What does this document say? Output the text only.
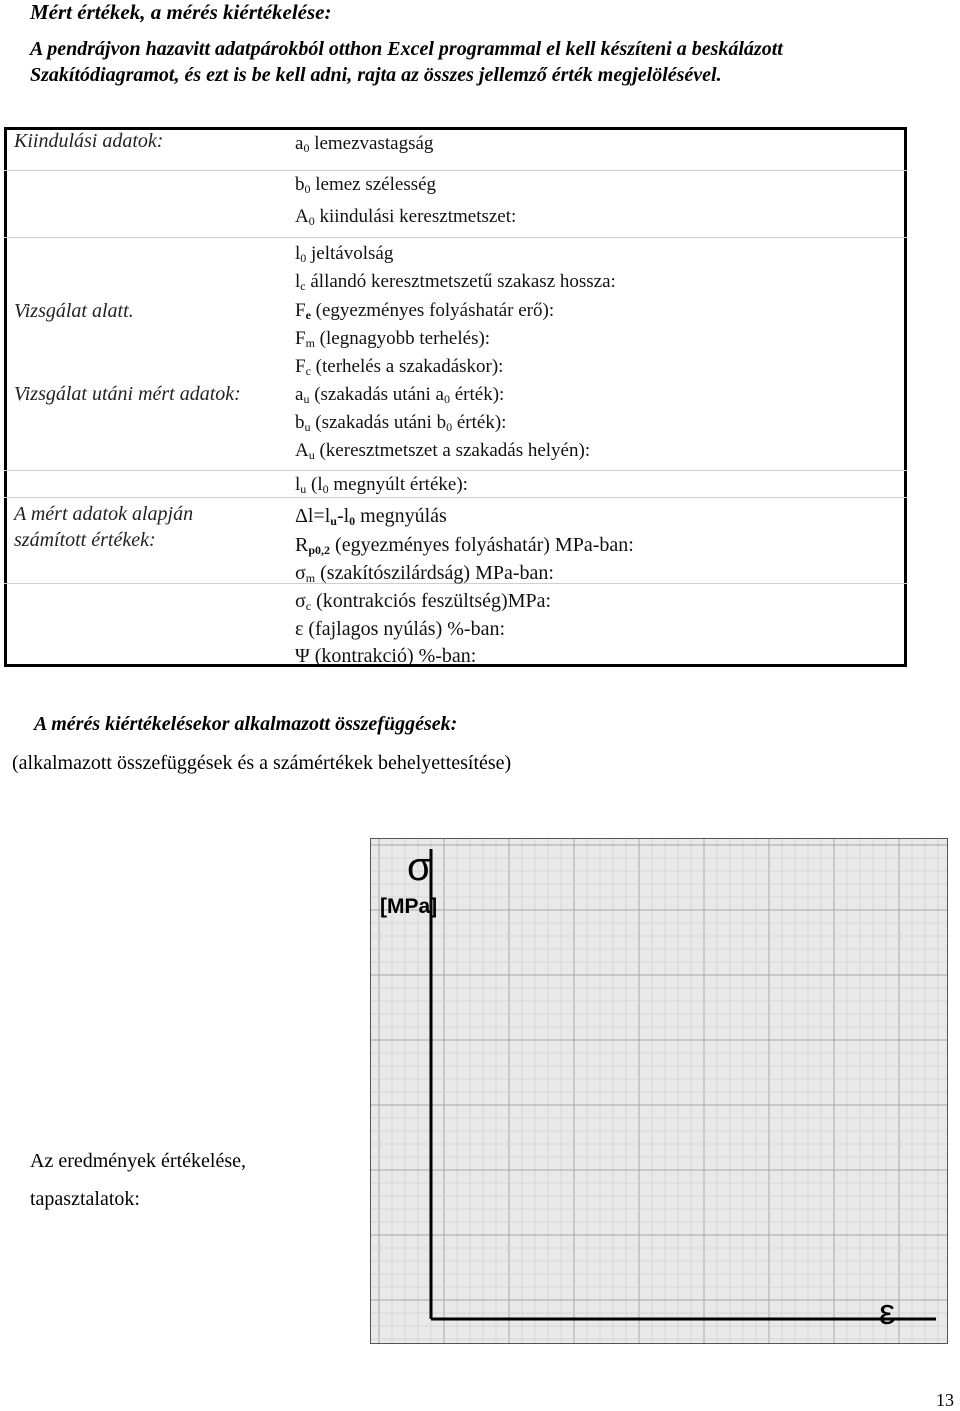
Mért értékek, a mérés kiértékelése:
A pendrájvon hazavitt adatpárokból otthon Excel programmal el kell készíteni a beskálázott
Szakítódiagramot, és ezt is be kell adni, rajta az összes jellemző érték megjelölésével.
Kiindulási adatok:
Vizsgálat alatt.
Vizsgálat utáni mért adatok:
A mért adatok alapján
számított értékek:
$a_0$ lemezvastagság
$b_0$ lemez szélesség
$A_0$ kiindulási keresztmetszet:
$l_0$ jeltávolság
$l_c$ állandó keresztmetszetű szakasz hossza:
$F_e$ (egyezményes folyáshatár erő):
$F_m$ (legnagyobb terhelés):
$F_c$ (terhelés a szakadáskor):
$a_u$ (szakadás utáni $a_0$ érték):
$b_u$ (szakadás utáni $b_0$ érték):
$A_u$ (keresztmetszet a szakadás helyén):
$l_u$ ($l_0$ megnyúlt értéke):
$\Delta l=l_u-l_0$ megnyúlás
$R_{p0,2}$ (egyezményes folyáshatár) MPa-ban:
$\sigma_m$ (szakítószilárdság) MPa-ban:
$\sigma_c$ (kontrakciós feszültség)MPa:
ε (fajlagos nyúlás) %-ban:
Ψ (kontrakció) %-ban:
A mérés kiértékelésekor alkalmazott összefüggések:
(alkalmazott összefüggések és a számértékek behelyettesítése)
σ
[MPa]
ε
Az eredmények értékelése,
tapasztalatok:
13
